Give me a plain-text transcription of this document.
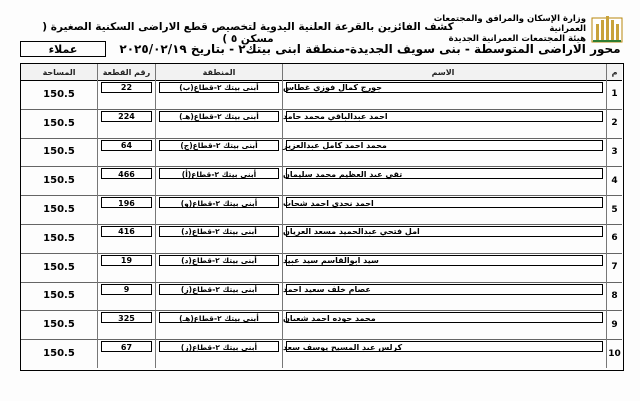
وزارة الإسكان والمرافق والمجتمعات العمرانية
هيئة المجتمعات العمرانية الجديدة
كشف الفائزين بالقرعة العلنية اليدوية لتخصيص قطع الاراضى السكنية الصغيرة ( مسكن ٥ )
محور الاراضى المتوسطة - بنى سويف الجديدة-منطقة ابنى بيتك٢ - بتاريخ ٢٠٢٥/٠٢/١٩
عملاء
م
الاسم
المنطقة
رقم القطعة
المساحة
1
جورج كمال فوزي غطاس
أبنى بيتك ٢-قطاع(ب)
22
150.5
2
احمد عبدالباقي محمد حامد
أبنى بيتك ٢-قطاع(هـ)
224
150.5
3
محمد احمد كامل عبدالعزيز
أبنى بيتك ٢-قطاع(ج)
64
150.5
4
تقي عبد العظيم محمد سليمان
أبنى بيتك ٢-قطاع(أ)
466
150.5
5
احمد نجدي احمد شحات
أبنى بيتك ٢-قطاع(و)
196
150.5
6
امل فتحي عبدالحميد مسعد العريان
أبنى بيتك ٢-قطاع(د)
416
150.5
7
سيد ابوالقاسم سيد عبيد
أبنى بيتك ٢-قطاع(د)
19
150.5
8
عصام خلف سعيد احمد
أبنى بيتك ٢-قطاع(ز)
9
150.5
9
محمد جوده احمد شعبان
أبنى بيتك ٢-قطاع(هـ)
325
150.5
10
كرلس عبد المسيح يوسف سعد
أبنى بيتك ٢-قطاع(ز)
67
150.5
